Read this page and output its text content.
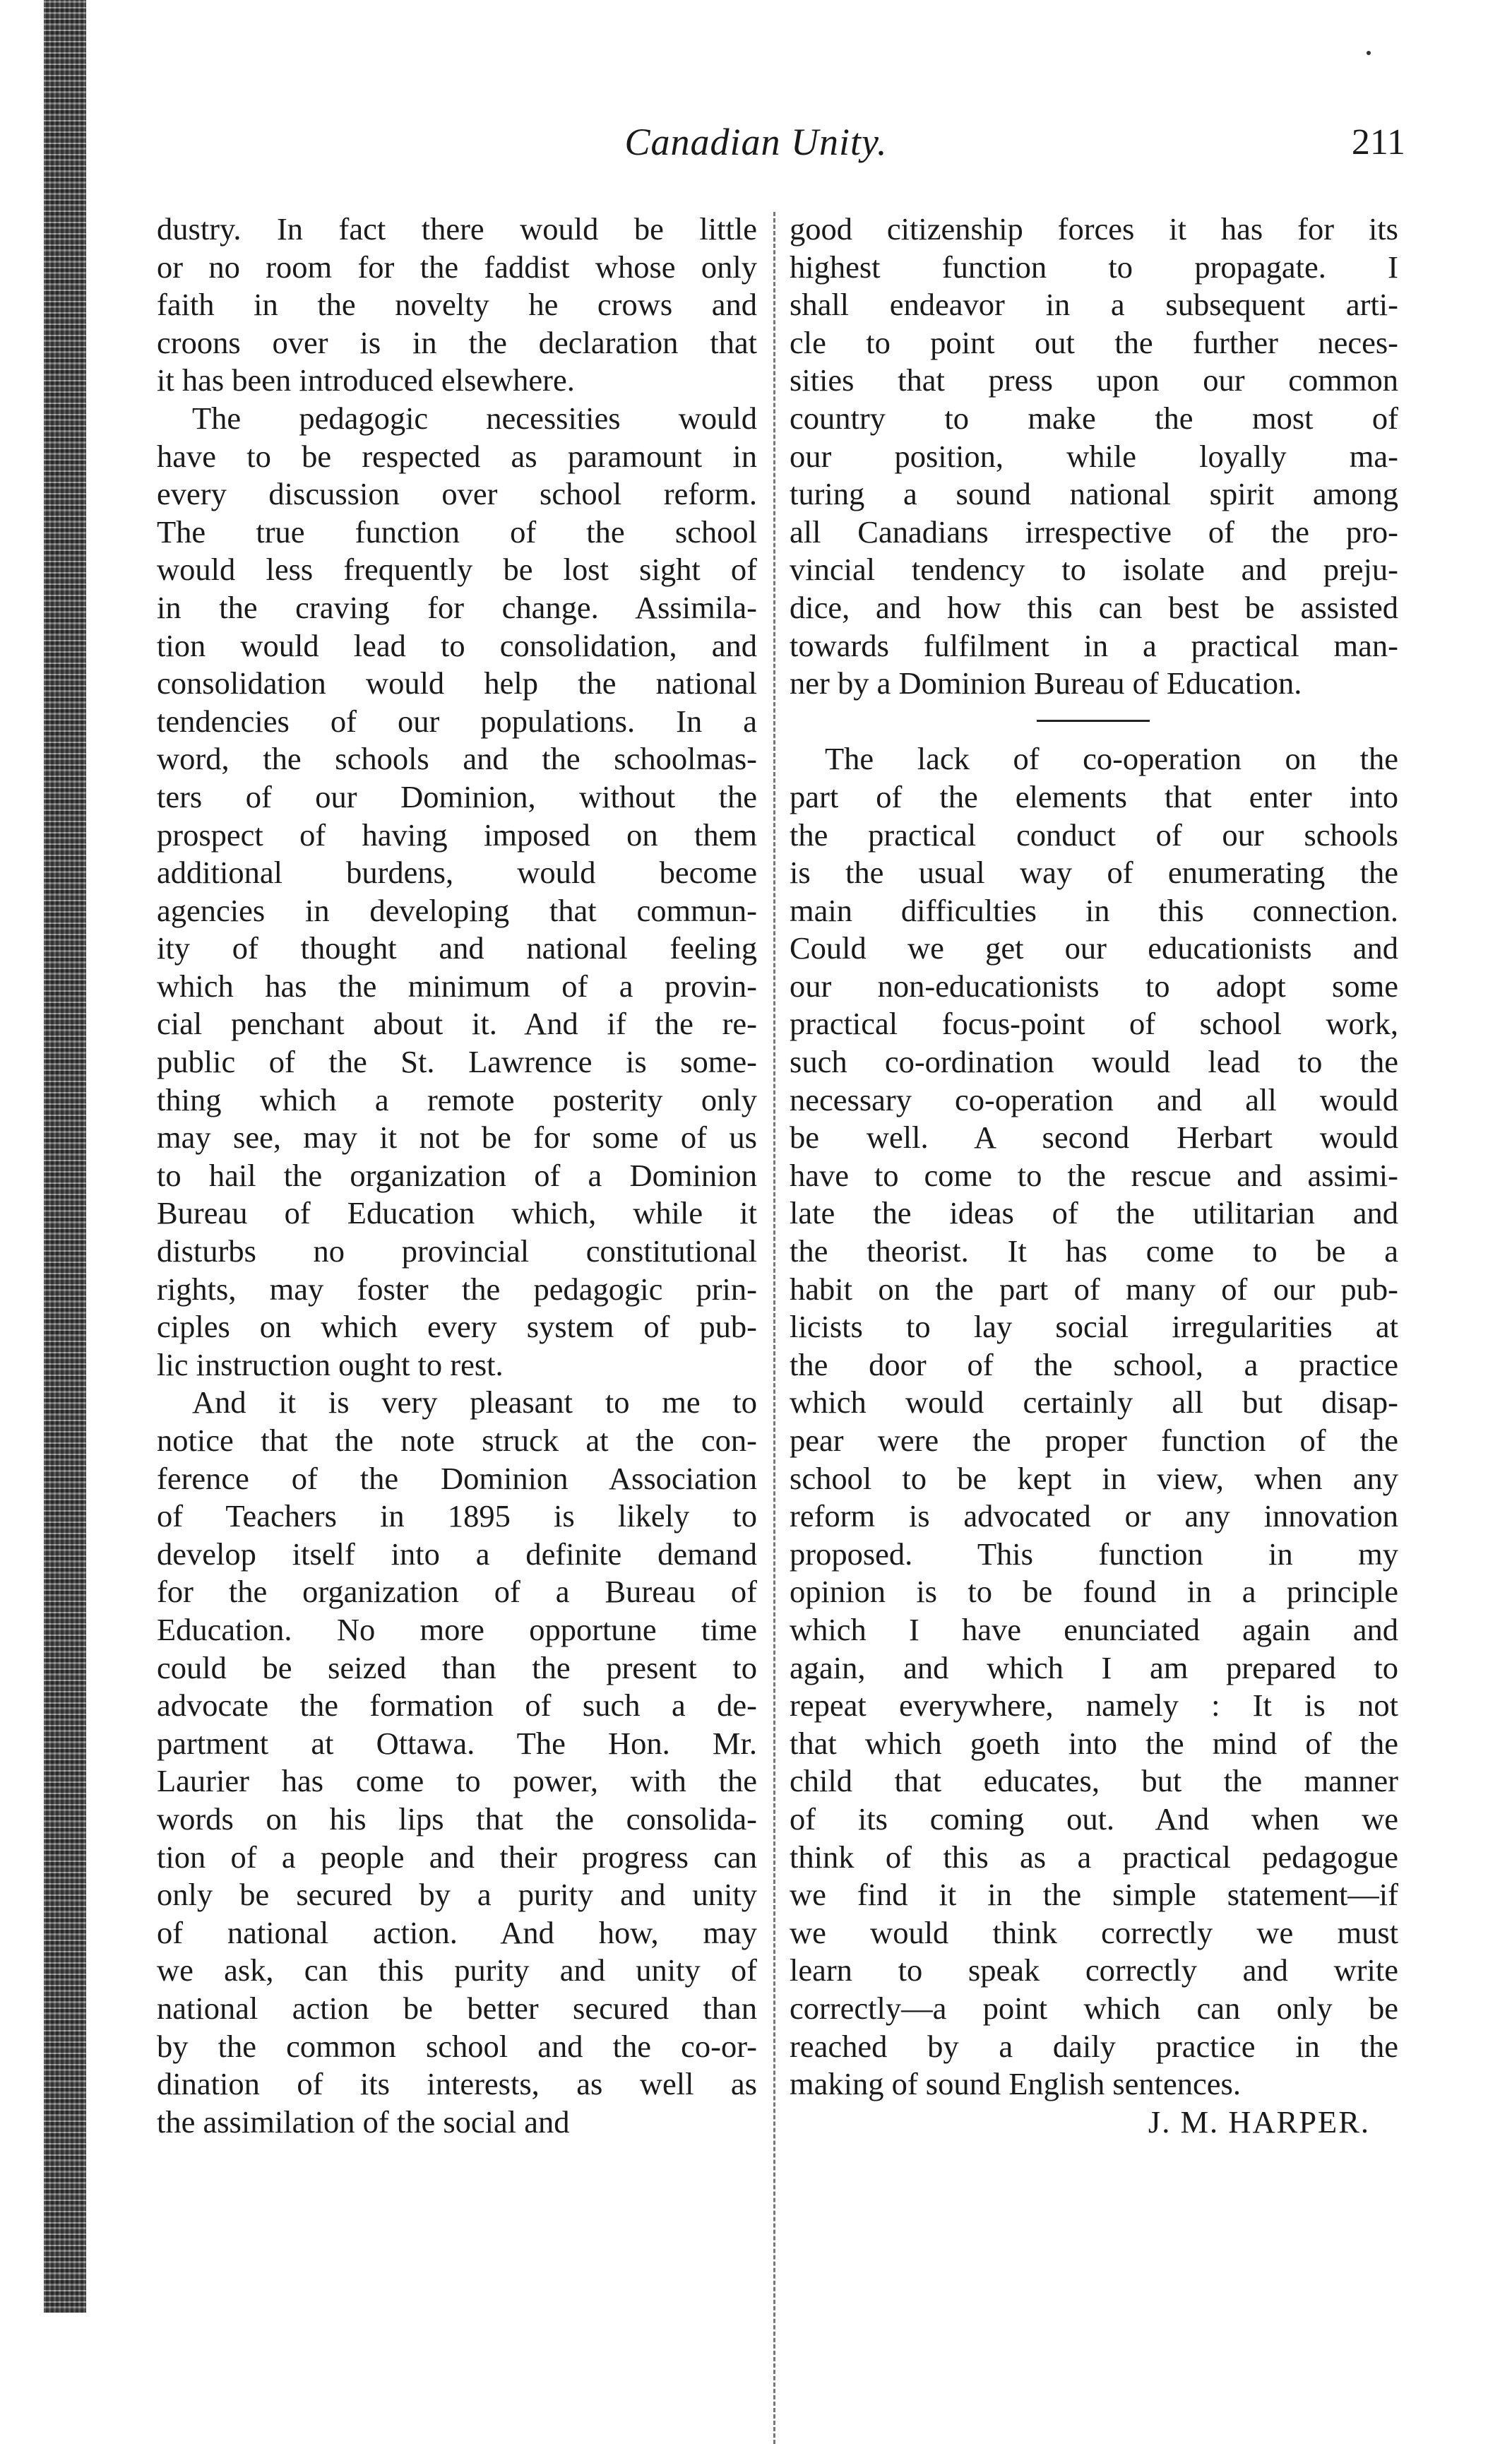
Canadian Unity.	211
dustry. In fact there would be little
or no room for the faddist whose only
faith in the novelty he crows and
croons over is in the declaration that
it has been introduced elsewhere.
The pedagogic necessities would
have to be respected as paramount in
every discussion over school reform.
The true function of the school
would less frequently be lost sight of
in the craving for change. Assimila-
tion would lead to consolidation, and
consolidation would help the national
tendencies of our populations. In a
word, the schools and the schoolmas-
ters of our Dominion, without the
prospect of having imposed on them
additional burdens, would become
agencies in developing that commun-
ity of thought and national feeling
which has the minimum of a provin-
cial penchant about it. And if the re-
public of the St. Lawrence is some-
thing which a remote posterity only
may see, may it not be for some of us
to hail the organization of a Dominion
Bureau of Education which, while it
disturbs no provincial constitutional
rights, may foster the pedagogic prin-
ciples on which every system of pub-
lic instruction ought to rest.
And it is very pleasant to me to
notice that the note struck at the con-
ference of the Dominion Association
of Teachers in 1895 is likely to
develop itself into a definite demand
for the organization of a Bureau of
Education. No more opportune time
could be seized than the present to
advocate the formation of such a de-
partment at Ottawa. The Hon. Mr.
Laurier has come to power, with the
words on his lips that the consolida-
tion of a people and their progress can
only be secured by a purity and unity
of national action. And how, may
we ask, can this purity and unity of
national action be better secured than
by the common school and the co-or-
dination of its interests, as well as
the assimilation of the social and
good citizenship forces it has for its
highest function to propagate. I
shall endeavor in a subsequent arti-
cle to point out the further neces-
sities that press upon our common
country to make the most of
our position, while loyally ma-
turing a sound national spirit among
all Canadians irrespective of the pro-
vincial tendency to isolate and preju-
dice, and how this can best be assisted
towards fulfilment in a practical man-
ner by a Dominion Bureau of Education.
The lack of co-operation on the
part of the elements that enter into
the practical conduct of our schools
is the usual way of enumerating the
main difficulties in this connection.
Could we get our educationists and
our non-educationists to adopt some
practical focus-point of school work,
such co-ordination would lead to the
necessary co-operation and all would
be well. A second Herbart would
have to come to the rescue and assimi-
late the ideas of the utilitarian and
the theorist. It has come to be a
habit on the part of many of our pub-
licists to lay social irregularities at
the door of the school, a practice
which would certainly all but disap-
pear were the proper function of the
school to be kept in view, when any
reform is advocated or any innovation
proposed. This function in my
opinion is to be found in a principle
which I have enunciated again and
again, and which I am prepared to
repeat everywhere, namely : It is not
that which goeth into the mind of the
child that educates, but the manner
of its coming out. And when we
think of this as a practical pedagogue
we find it in the simple statement—if
we would think correctly we must
learn to speak correctly and write
correctly—a point which can only be
reached by a daily practice in the
making of sound English sentences.
J. M. HARPER.
